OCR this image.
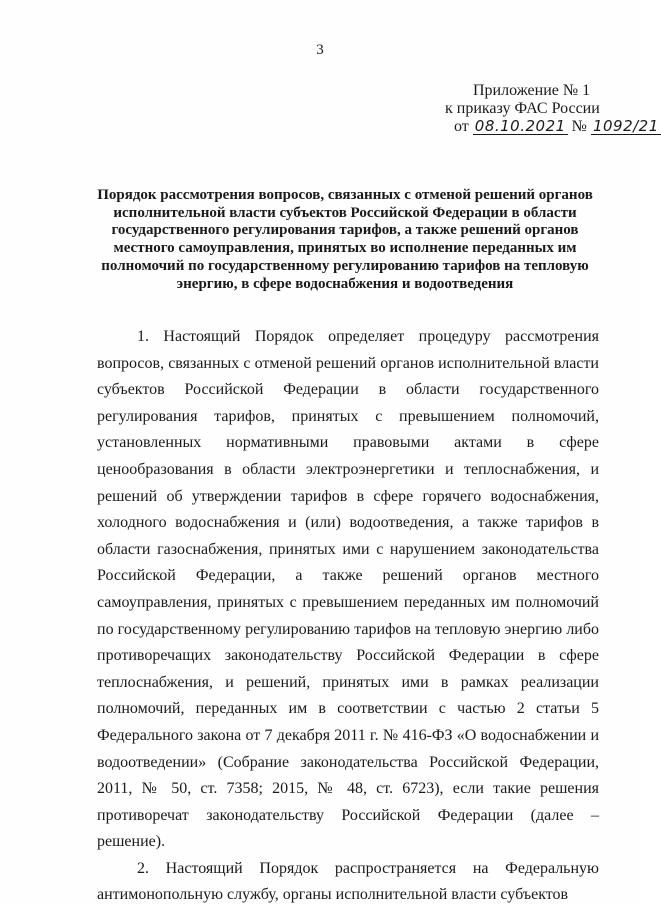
3
Приложение № 1
к приказу ФАС России
от 08.10.2021 № 1092/21
Порядок рассмотрения вопросов, связанных с отменой решений органов исполнительной власти субъектов Российской Федерации в области государственного регулирования тарифов, а также решений органов местного самоуправления, принятых во исполнение переданных им полномочий по государственному регулированию тарифов на тепловую энергию, в сфере водоснабжения и водоотведения

1. Настоящий Порядок определяет процедуру рассмотрения вопросов, связанных с отменой решений органов исполнительной власти субъектов Российской Федерации в области государственного регулирования тарифов, принятых с превышением полномочий, установленных нормативными правовыми актами в сфере ценообразования в области электроэнергетики и теплоснабжения, и решений об утверждении тарифов в сфере горячего водоснабжения, холодного водоснабжения и (или) водоотведения, а также тарифов в области газоснабжения, принятых ими с нарушением законодательства Российской Федерации, а также решений органов местного самоуправления, принятых с превышением переданных им полномочий по государственному регулированию тарифов на тепловую энергию либо противоречащих законодательству Российской Федерации в сфере теплоснабжения, и решений, принятых ими в рамках реализации полномочий, переданных им в соответствии с частью 2 статьи 5 Федерального закона от 7 декабря 2011 г. № 416-ФЗ «О водоснабжении и водоотведении» (Собрание законодательства Российской Федерации, 2011, № 50, ст. 7358; 2015, № 48, ст. 6723), если такие решения противоречат законодательству Российской Федерации (далее – решение).

2. Настоящий Порядок распространяется на Федеральную антимонопольную службу, органы исполнительной власти субъектов
